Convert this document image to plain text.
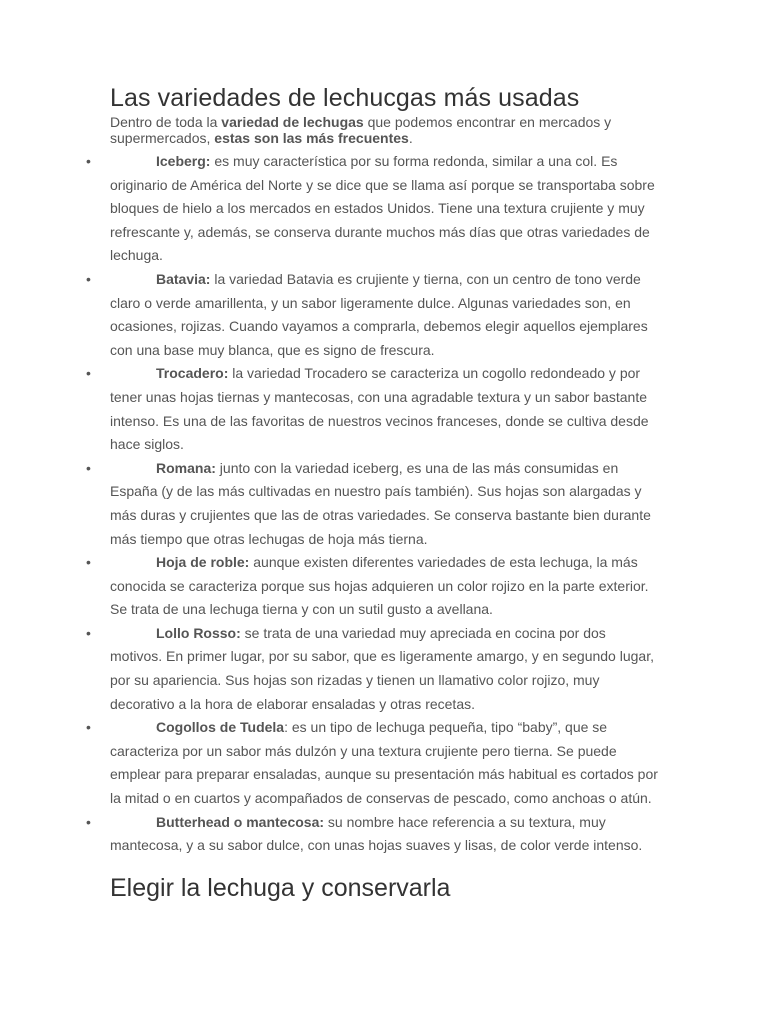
Las variedades de lechucgas más usadas
Dentro de toda la variedad de lechugas que podemos encontrar en mercados y supermercados, estas son las más frecuentes.
•	Iceberg: es muy característica por su forma redonda, similar a una col. Es originario de América del Norte y se dice que se llama así porque se transportaba sobre bloques de hielo a los mercados en estados Unidos. Tiene una textura crujiente y muy refrescante y, además, se conserva durante muchos más días que otras variedades de lechuga.
•	Batavia: la variedad Batavia es crujiente y tierna, con un centro de tono verde claro o verde amarillenta, y un sabor ligeramente dulce. Algunas variedades son, en ocasiones, rojizas. Cuando vayamos a comprarla, debemos elegir aquellos ejemplares con una base muy blanca, que es signo de frescura.
•	Trocadero: la variedad Trocadero se caracteriza un cogollo redondeado y por tener unas hojas tiernas y mantecosas, con una agradable textura y un sabor bastante intenso. Es una de las favoritas de nuestros vecinos franceses, donde se cultiva desde hace siglos.
•	Romana: junto con la variedad iceberg, es una de las más consumidas en España (y de las más cultivadas en nuestro país también). Sus hojas son alargadas y más duras y crujientes que las de otras variedades. Se conserva bastante bien durante más tiempo que otras lechugas de hoja más tierna.
•	Hoja de roble: aunque existen diferentes variedades de esta lechuga, la más conocida se caracteriza porque sus hojas adquieren un color rojizo en la parte exterior. Se trata de una lechuga tierna y con un sutil gusto a avellana.
•	Lollo Rosso: se trata de una variedad muy apreciada en cocina por dos motivos. En primer lugar, por su sabor, que es ligeramente amargo, y en segundo lugar, por su apariencia. Sus hojas son rizadas y tienen un llamativo color rojizo, muy decorativo a la hora de elaborar ensaladas y otras recetas.
•	Cogollos de Tudela: es un tipo de lechuga pequeña, tipo “baby”, que se caracteriza por un sabor más dulzón y una textura crujiente pero tierna. Se puede emplear para preparar ensaladas, aunque su presentación más habitual es cortados por la mitad o en cuartos y acompañados de conservas de pescado, como anchoas o atún.
•	Butterhead o mantecosa: su nombre hace referencia a su textura, muy mantecosa, y a su sabor dulce, con unas hojas suaves y lisas, de color verde intenso.
Elegir la lechuga y conservarla
